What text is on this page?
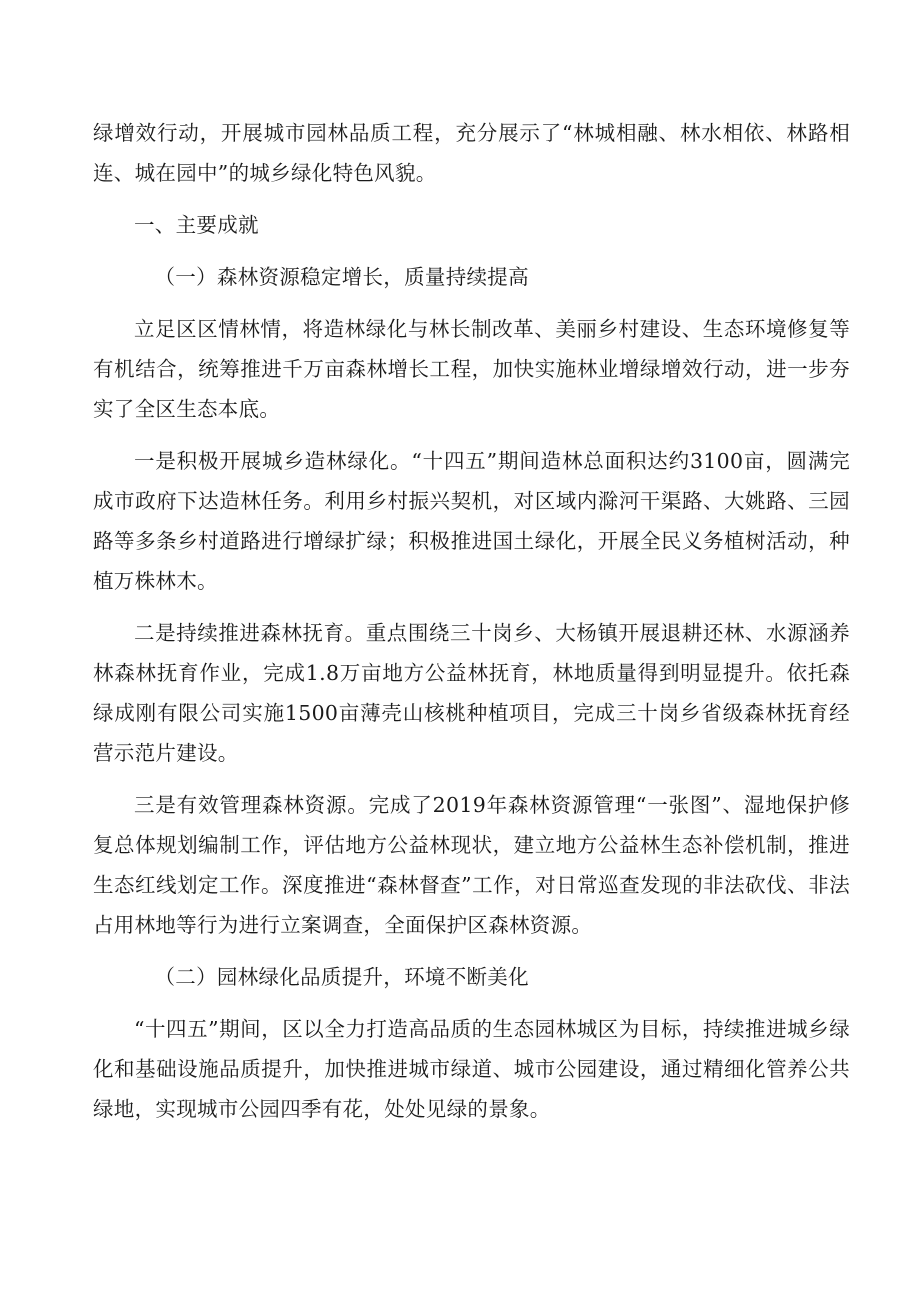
绿增效行动，开展城市园林品质工程，充分展示了“林城相融、林水相依、林路相连、城在园中”的城乡绿化特色风貌。

一、主要成就

（一）森林资源稳定增长，质量持续提高

立足区区情林情，将造林绿化与林长制改革、美丽乡村建设、生态环境修复等有机结合，统筹推进千万亩森林增长工程，加快实施林业增绿增效行动，进一步夯实了全区生态本底。

一是积极开展城乡造林绿化。“十四五”期间造林总面积达约3100亩，圆满完成市政府下达造林任务。利用乡村振兴契机，对区域内滁河干渠路、大姚路、三园路等多条乡村道路进行增绿扩绿；积极推进国土绿化，开展全民义务植树活动，种植万株林木。

二是持续推进森林抚育。重点围绕三十岗乡、大杨镇开展退耕还林、水源涵养林森林抚育作业，完成1.8万亩地方公益林抚育，林地质量得到明显提升。依托森绿成刚有限公司实施1500亩薄壳山核桃种植项目，完成三十岗乡省级森林抚育经营示范片建设。

三是有效管理森林资源。完成了2019年森林资源管理“一张图”、湿地保护修复总体规划编制工作，评估地方公益林现状，建立地方公益林生态补偿机制，推进生态红线划定工作。深度推进“森林督查”工作，对日常巡查发现的非法砍伐、非法占用林地等行为进行立案调查，全面保护区森林资源。

（二）园林绿化品质提升，环境不断美化

“十四五”期间，区以全力打造高品质的生态园林城区为目标，持续推进城乡绿化和基础设施品质提升，加快推进城市绿道、城市公园建设，通过精细化管养公共绿地，实现城市公园四季有花，处处见绿的景象。
